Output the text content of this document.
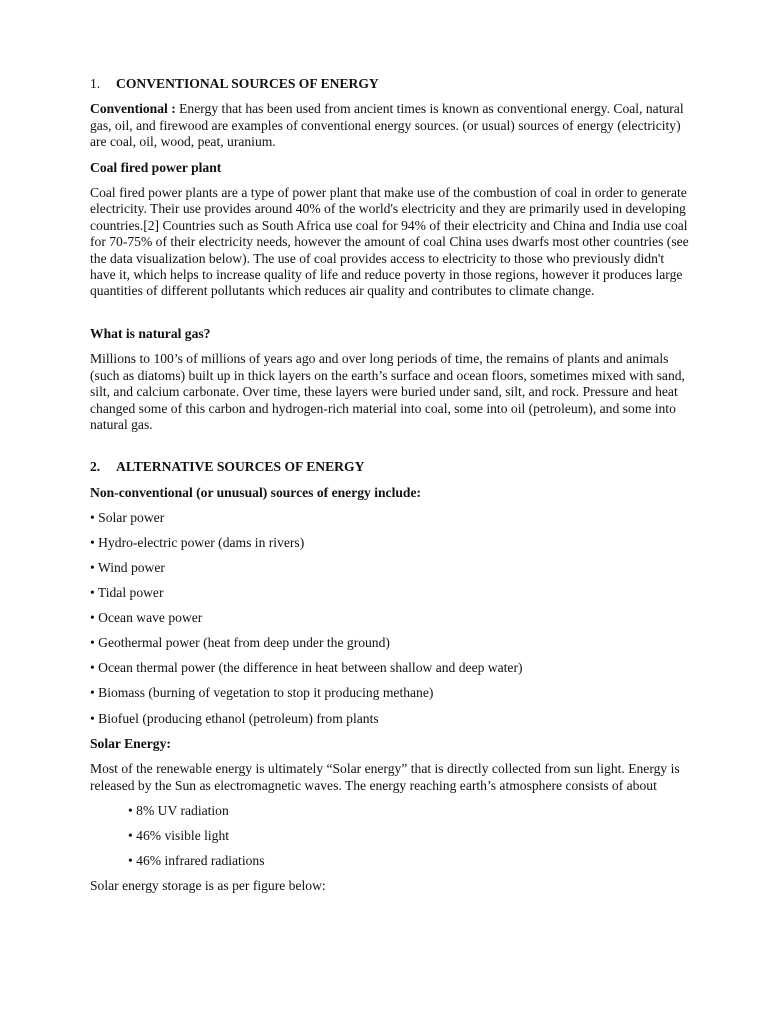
1. CONVENTIONAL SOURCES OF ENERGY

Conventional : Energy that has been used from ancient times is known as conventional energy. Coal, natural gas, oil, and firewood are examples of conventional energy sources. (or usual) sources of energy (electricity) are coal, oil, wood, peat, uranium.

Coal fired power plant

Coal fired power plants are a type of power plant that make use of the combustion of coal in order to generate electricity. Their use provides around 40% of the world's electricity and they are primarily used in developing countries.[2] Countries such as South Africa use coal for 94% of their electricity and China and India use coal for 70-75% of their electricity needs, however the amount of coal China uses dwarfs most other countries (see the data visualization below). The use of coal provides access to electricity to those who previously didn't have it, which helps to increase quality of life and reduce poverty in those regions, however it produces large quantities of different pollutants which reduces air quality and contributes to climate change.

What is natural gas?

Millions to 100’s of millions of years ago and over long periods of time, the remains of plants and animals (such as diatoms) built up in thick layers on the earth’s surface and ocean floors, sometimes mixed with sand, silt, and calcium carbonate. Over time, these layers were buried under sand, silt, and rock. Pressure and heat changed some of this carbon and hydrogen-rich material into coal, some into oil (petroleum), and some into natural gas.

2. ALTERNATIVE SOURCES OF ENERGY

Non-conventional (or unusual) sources of energy include:

• Solar power

• Hydro-electric power (dams in rivers)

• Wind power

• Tidal power

• Ocean wave power

• Geothermal power (heat from deep under the ground)

• Ocean thermal power (the difference in heat between shallow and deep water)

• Biomass (burning of vegetation to stop it producing methane)

• Biofuel (producing ethanol (petroleum) from plants

Solar Energy:

Most of the renewable energy is ultimately “Solar energy” that is directly collected from sun light. Energy is released by the Sun as electromagnetic waves. The energy reaching earth’s atmosphere consists of about

• 8% UV radiation

• 46% visible light

• 46% infrared radiations

Solar energy storage is as per figure below:
